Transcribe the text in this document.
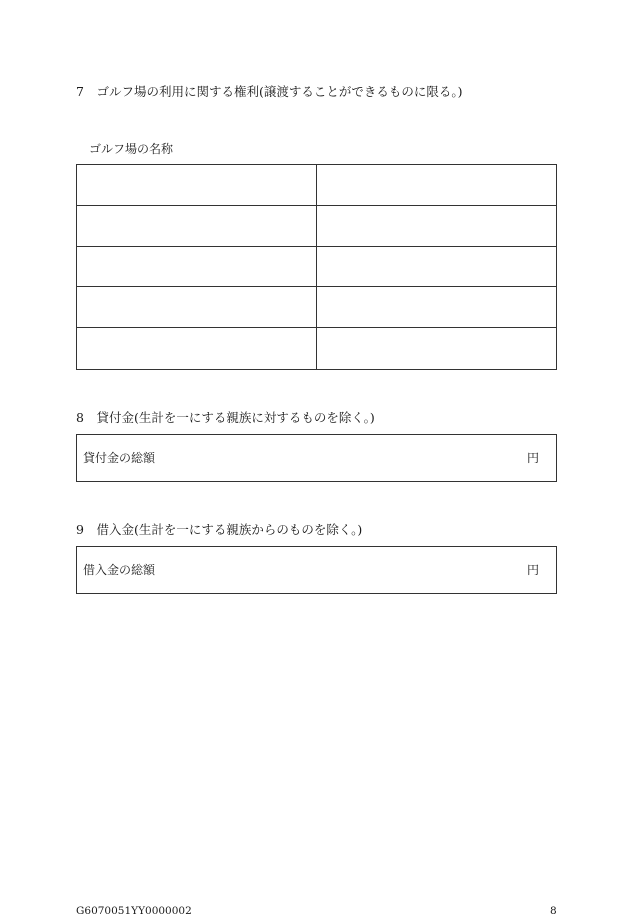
7　ゴルフ場の利用に関する権利(譲渡することができるものに限る。)
ゴルフ場の名称
8　貸付金(生計を一にする親族に対するものを除く。)
貸付金の総額	円
9　借入金(生計を一にする親族からのものを除く。)
借入金の総額	円
G6070051YY0000002	8
